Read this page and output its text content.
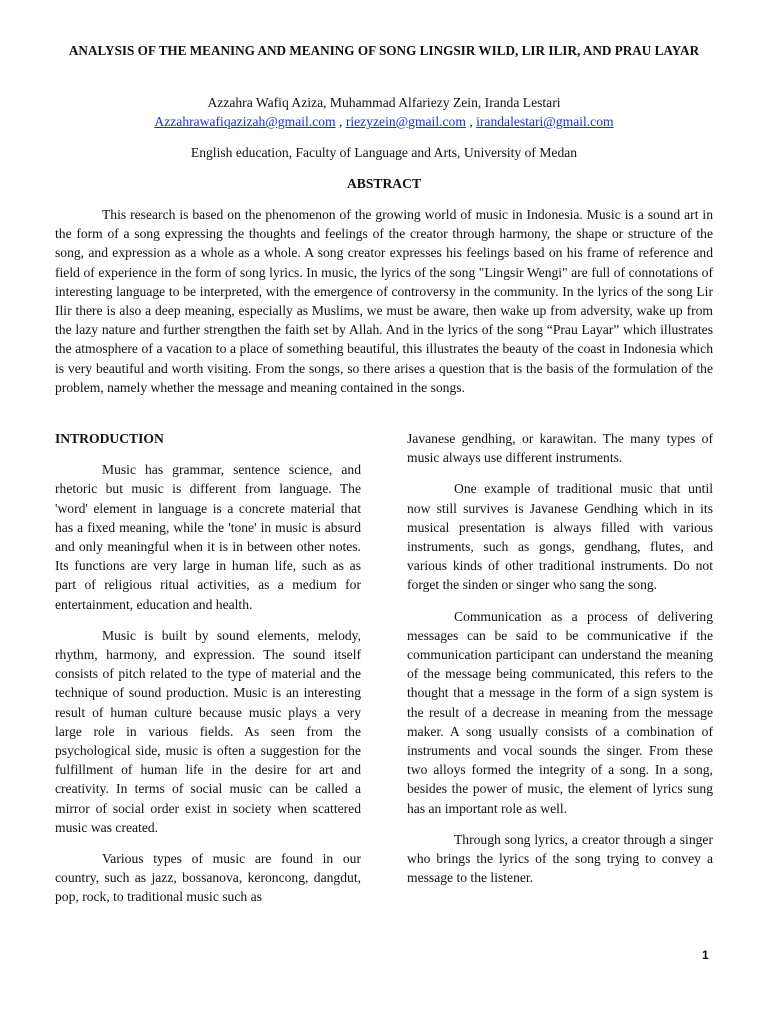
ANALYSIS OF THE MEANING AND MEANING OF SONG LINGSIR WILD, LIR ILIR, AND PRAU LAYAR
Azzahra Wafiq Aziza, Muhammad Alfariezy Zein, Iranda Lestari
Azzahrawafiqazizah@gmail.com , riezyzein@gmail.com , irandalestari@gmail.com
English education, Faculty of Language and Arts, University of Medan
ABSTRACT

This research is based on the phenomenon of the growing world of music in Indonesia. Music is a sound art in the form of a song expressing the thoughts and feelings of the creator through harmony, the shape or structure of the song, and expression as a whole as a whole. A song creator expresses his feelings based on his frame of reference and field of experience in the form of song lyrics. In music, the lyrics of the song "Lingsir Wengi" are full of connotations of interesting language to be interpreted, with the emergence of controversy in the community. In the lyrics of the song Lir Ilir there is also a deep meaning, especially as Muslims, we must be aware, then wake up from adversity, wake up from the lazy nature and further strengthen the faith set by Allah. And in the lyrics of the song “Prau Layar” which illustrates the atmosphere of a vacation to a place of something beautiful, this illustrates the beauty of the coast in Indonesia which is very beautiful and worth visiting. From the songs, so there arises a question that is the basis of the formulation of the problem, namely whether the message and meaning contained in the songs.

INTRODUCTION

Music has grammar, sentence science, and rhetoric but music is different from language. The 'word' element in language is a concrete material that has a fixed meaning, while the 'tone' in music is absurd and only meaningful when it is in between other notes. Its functions are very large in human life, such as as part of religious ritual activities, as a medium for entertainment, education and health.

Music is built by sound elements, melody, rhythm, harmony, and expression. The sound itself consists of pitch related to the type of material and the technique of sound production. Music is an interesting result of human culture because music plays a very large role in various fields. As seen from the psychological side, music is often a suggestion for the fulfillment of human life in the desire for art and creativity. In terms of social music can be called a mirror of social order exist in society when scattered music was created.

Various types of music are found in our country, such as jazz, bossanova, keroncong, dangdut, pop, rock, to traditional music such as

Javanese gendhing, or karawitan. The many types of music always use different instruments.

One example of traditional music that until now still survives is Javanese Gendhing which in its musical presentation is always filled with various instruments, such as gongs, gendhang, flutes, and various kinds of other traditional instruments. Do not forget the sinden or singer who sang the song.

Communication as a process of delivering messages can be said to be communicative if the communication participant can understand the meaning of the message being communicated, this refers to the thought that a message in the form of a sign system is the result of a decrease in meaning from the message maker. A song usually consists of a combination of instruments and vocal sounds the singer. From these two alloys formed the integrity of a song. In a song, besides the power of music, the element of lyrics sung has an important role as well.

Through song lyrics, a creator through a singer who brings the lyrics of the song trying to convey a message to the listener.

1
